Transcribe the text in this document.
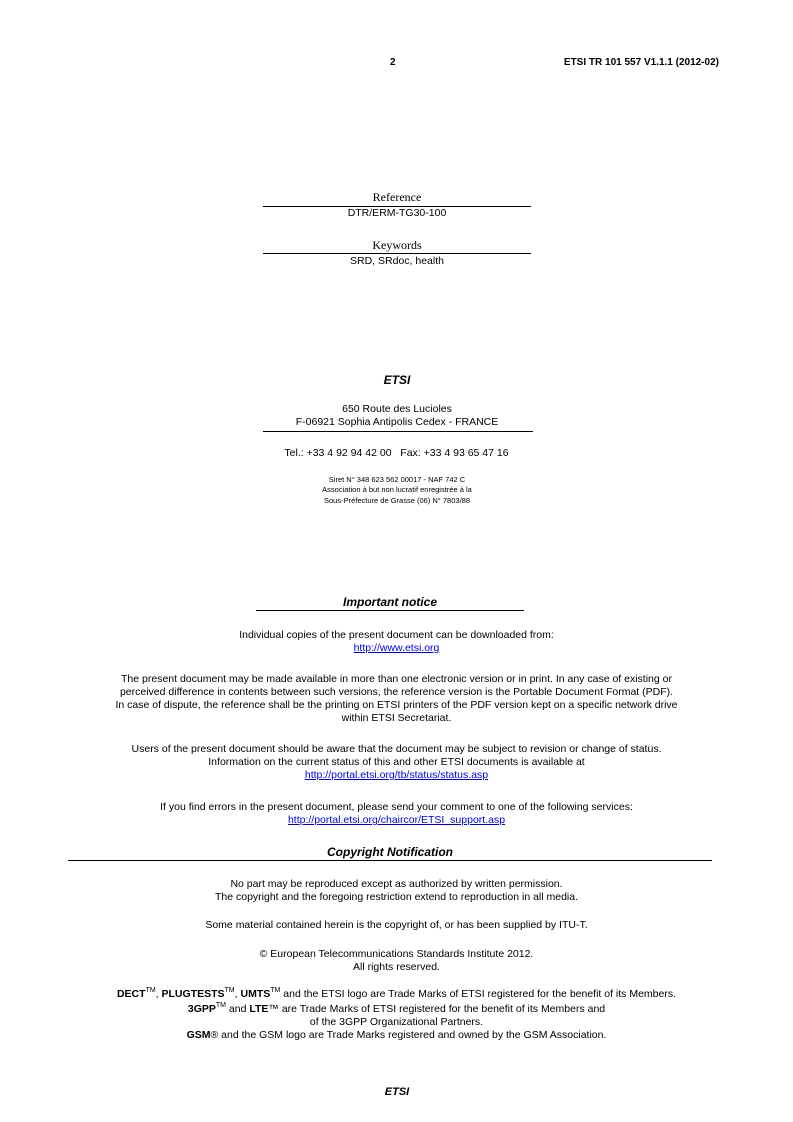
2	ETSI TR 101 557 V1.1.1 (2012-02)
Reference
DTR/ERM-TG30-100
Keywords
SRD, SRdoc, health
ETSI
650 Route des Lucioles
F-06921 Sophia Antipolis Cedex - FRANCE
Tel.: +33 4 92 94 42 00   Fax: +33 4 93 65 47 16
Siret N° 348 623 562 00017 - NAF 742 C
Association à but non lucratif enregistrée à la
Sous-Préfecture de Grasse (06) N° 7803/88
Important notice
Individual copies of the present document can be downloaded from:
http://www.etsi.org
The present document may be made available in more than one electronic version or in print. In any case of existing or
perceived difference in contents between such versions, the reference version is the Portable Document Format (PDF).
In case of dispute, the reference shall be the printing on ETSI printers of the PDF version kept on a specific network drive
within ETSI Secretariat.
Users of the present document should be aware that the document may be subject to revision or change of status.
Information on the current status of this and other ETSI documents is available at
http://portal.etsi.org/tb/status/status.asp
If you find errors in the present document, please send your comment to one of the following services:
http://portal.etsi.org/chaircor/ETSI_support.asp
Copyright Notification
No part may be reproduced except as authorized by written permission.
The copyright and the foregoing restriction extend to reproduction in all media.
Some material contained herein is the copyright of, or has been supplied by ITU-T.
© European Telecommunications Standards Institute 2012.
All rights reserved.
DECT™, PLUGTESTS™, UMTS™ and the ETSI logo are Trade Marks of ETSI registered for the benefit of its Members.
3GPP™ and LTE™ are Trade Marks of ETSI registered for the benefit of its Members and
of the 3GPP Organizational Partners.
GSM® and the GSM logo are Trade Marks registered and owned by the GSM Association.
ETSI
